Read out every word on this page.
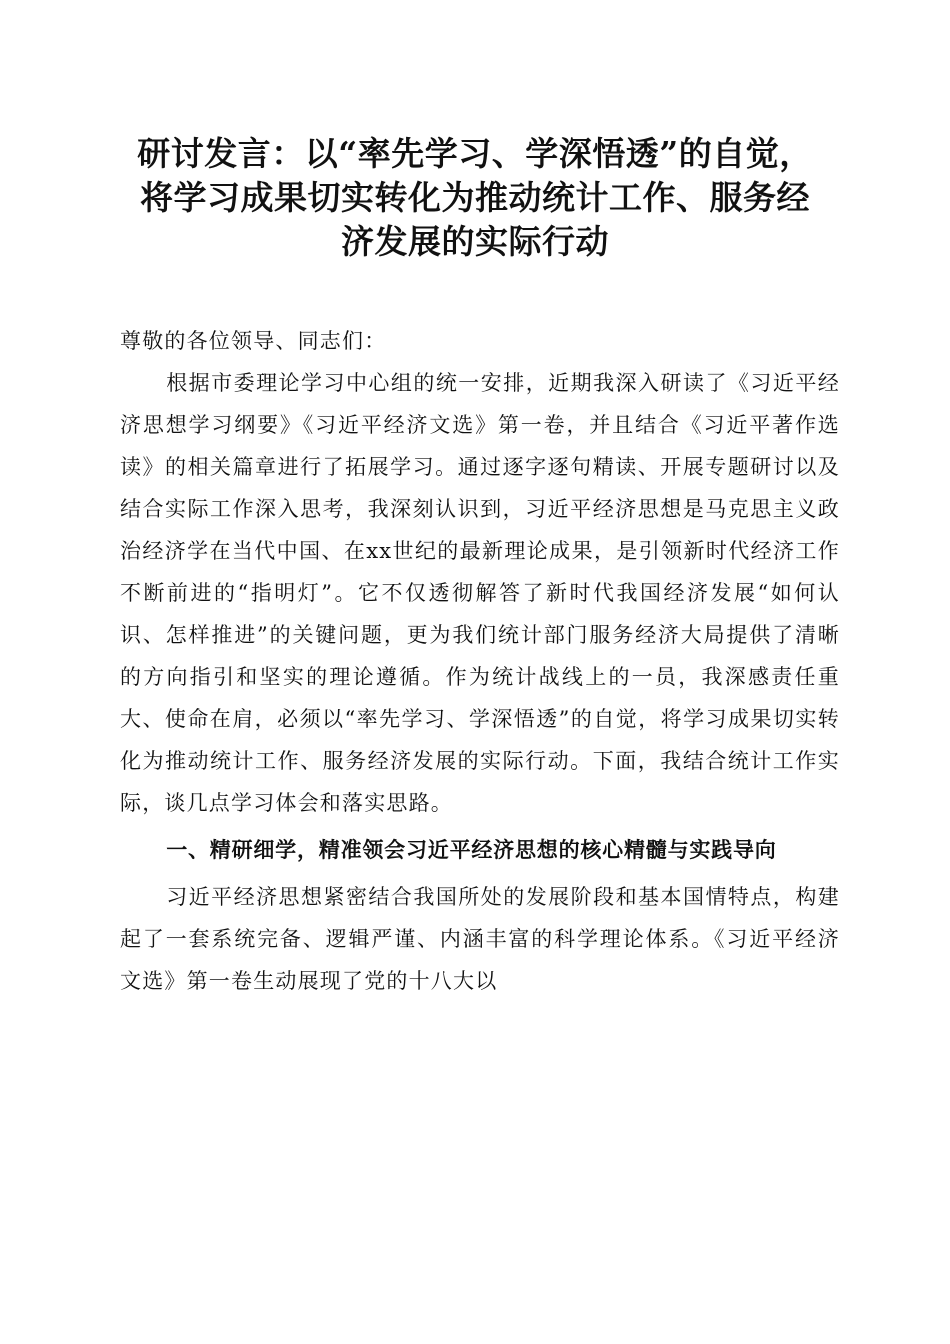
研讨发言：以“率先学习、学深悟透”的自觉，
将学习成果切实转化为推动统计工作、服务经
济发展的实际行动

尊敬的各位领导、同志们：

根据市委理论学习中心组的统一安排，近期我深入研读了《习近平经济思想学习纲要》《习近平经济文选》第一卷，并且结合《习近平著作选读》的相关篇章进行了拓展学习。通过逐字逐句精读、开展专题研讨以及结合实际工作深入思考，我深刻认识到，习近平经济思想是马克思主义政治经济学在当代中国、在xx世纪的最新理论成果，是引领新时代经济工作不断前进的“指明灯”。它不仅透彻解答了新时代我国经济发展“如何认识、怎样推进”的关键问题，更为我们统计部门服务经济大局提供了清晰的方向指引和坚实的理论遵循。作为统计战线上的一员，我深感责任重大、使命在肩，必须以“率先学习、学深悟透”的自觉，将学习成果切实转化为推动统计工作、服务经济发展的实际行动。下面，我结合统计工作实际，谈几点学习体会和落实思路。

一、精研细学，精准领会习近平经济思想的核心精髓与实践导向

习近平经济思想紧密结合我国所处的发展阶段和基本国情特点，构建起了一套系统完备、逻辑严谨、内涵丰富的科学理论体系。《习近平经济文选》第一卷生动展现了党的十八大以
